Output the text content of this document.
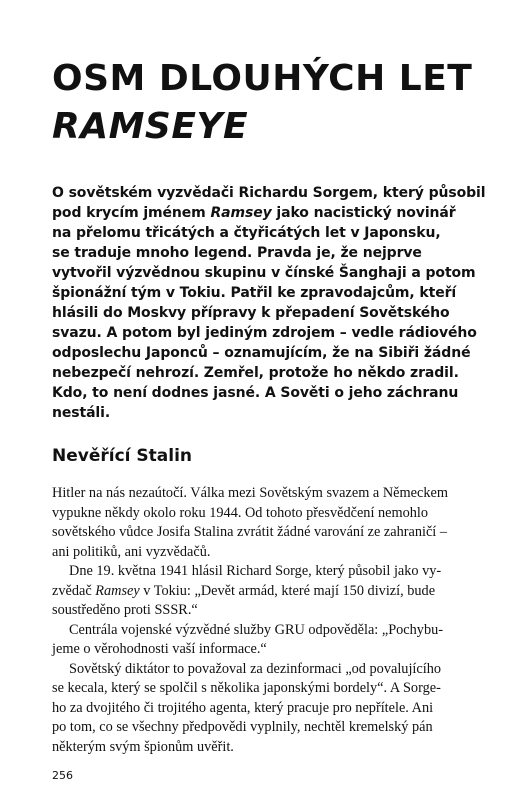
OSM DLOUHÝCH LET
RAMSEYE
O sovětském vyzvědači Richardu Sorgem, který působil
pod krycím jménem Ramsey jako nacistický novinář
na přelomu třicátých a čtyřicátých let v Japonsku,
se traduje mnoho legend. Pravda je, že nejprve
vytvořil výzvědnou skupinu v čínské Šanghaji a potom
špionážní tým v Tokiu. Patřil ke zpravodajcům, kteří
hlásili do Moskvy přípravy k přepadení Sovětského
svazu. A potom byl jediným zdrojem – vedle rádiového
odposlechu Japonců – oznamujícím, že na Sibiři žádné
nebezpečí nehrozí. Zemřel, protože ho někdo zradil.
Kdo, to není dodnes jasné. A Sověti o jeho záchranu
nestáli.
Nevěřící Stalin
Hitler na nás nezaútočí. Válka mezi Sovětským svazem a Německem
vypukne někdy okolo roku 1944. Od tohoto přesvědčení nemohlo
sovětského vůdce Josifa Stalina zvrátit žádné varování ze zahraničí –
ani politiků, ani vyzvědačů.
Dne 19. května 1941 hlásil Richard Sorge, který působil jako vy-
zvědač Ramsey v Tokiu: „Devět armád, které mají 150 divizí, bude
soustředěno proti SSSR.“
Centrála vojenské výzvědné služby GRU odpověděla: „Pochybu-
jeme o věrohodnosti vaší informace.“
Sovětský diktátor to považoval za dezinformaci „od povalujícího
se kecala, který se spolčil s několika japonskými bordely“. A Sorge-
ho za dvojitého či trojitého agenta, který pracuje pro nepřítele. Ani
po tom, co se všechny předpovědi vyplnily, nechtěl kremelský pán
některým svým špionům uvěřit.
256
